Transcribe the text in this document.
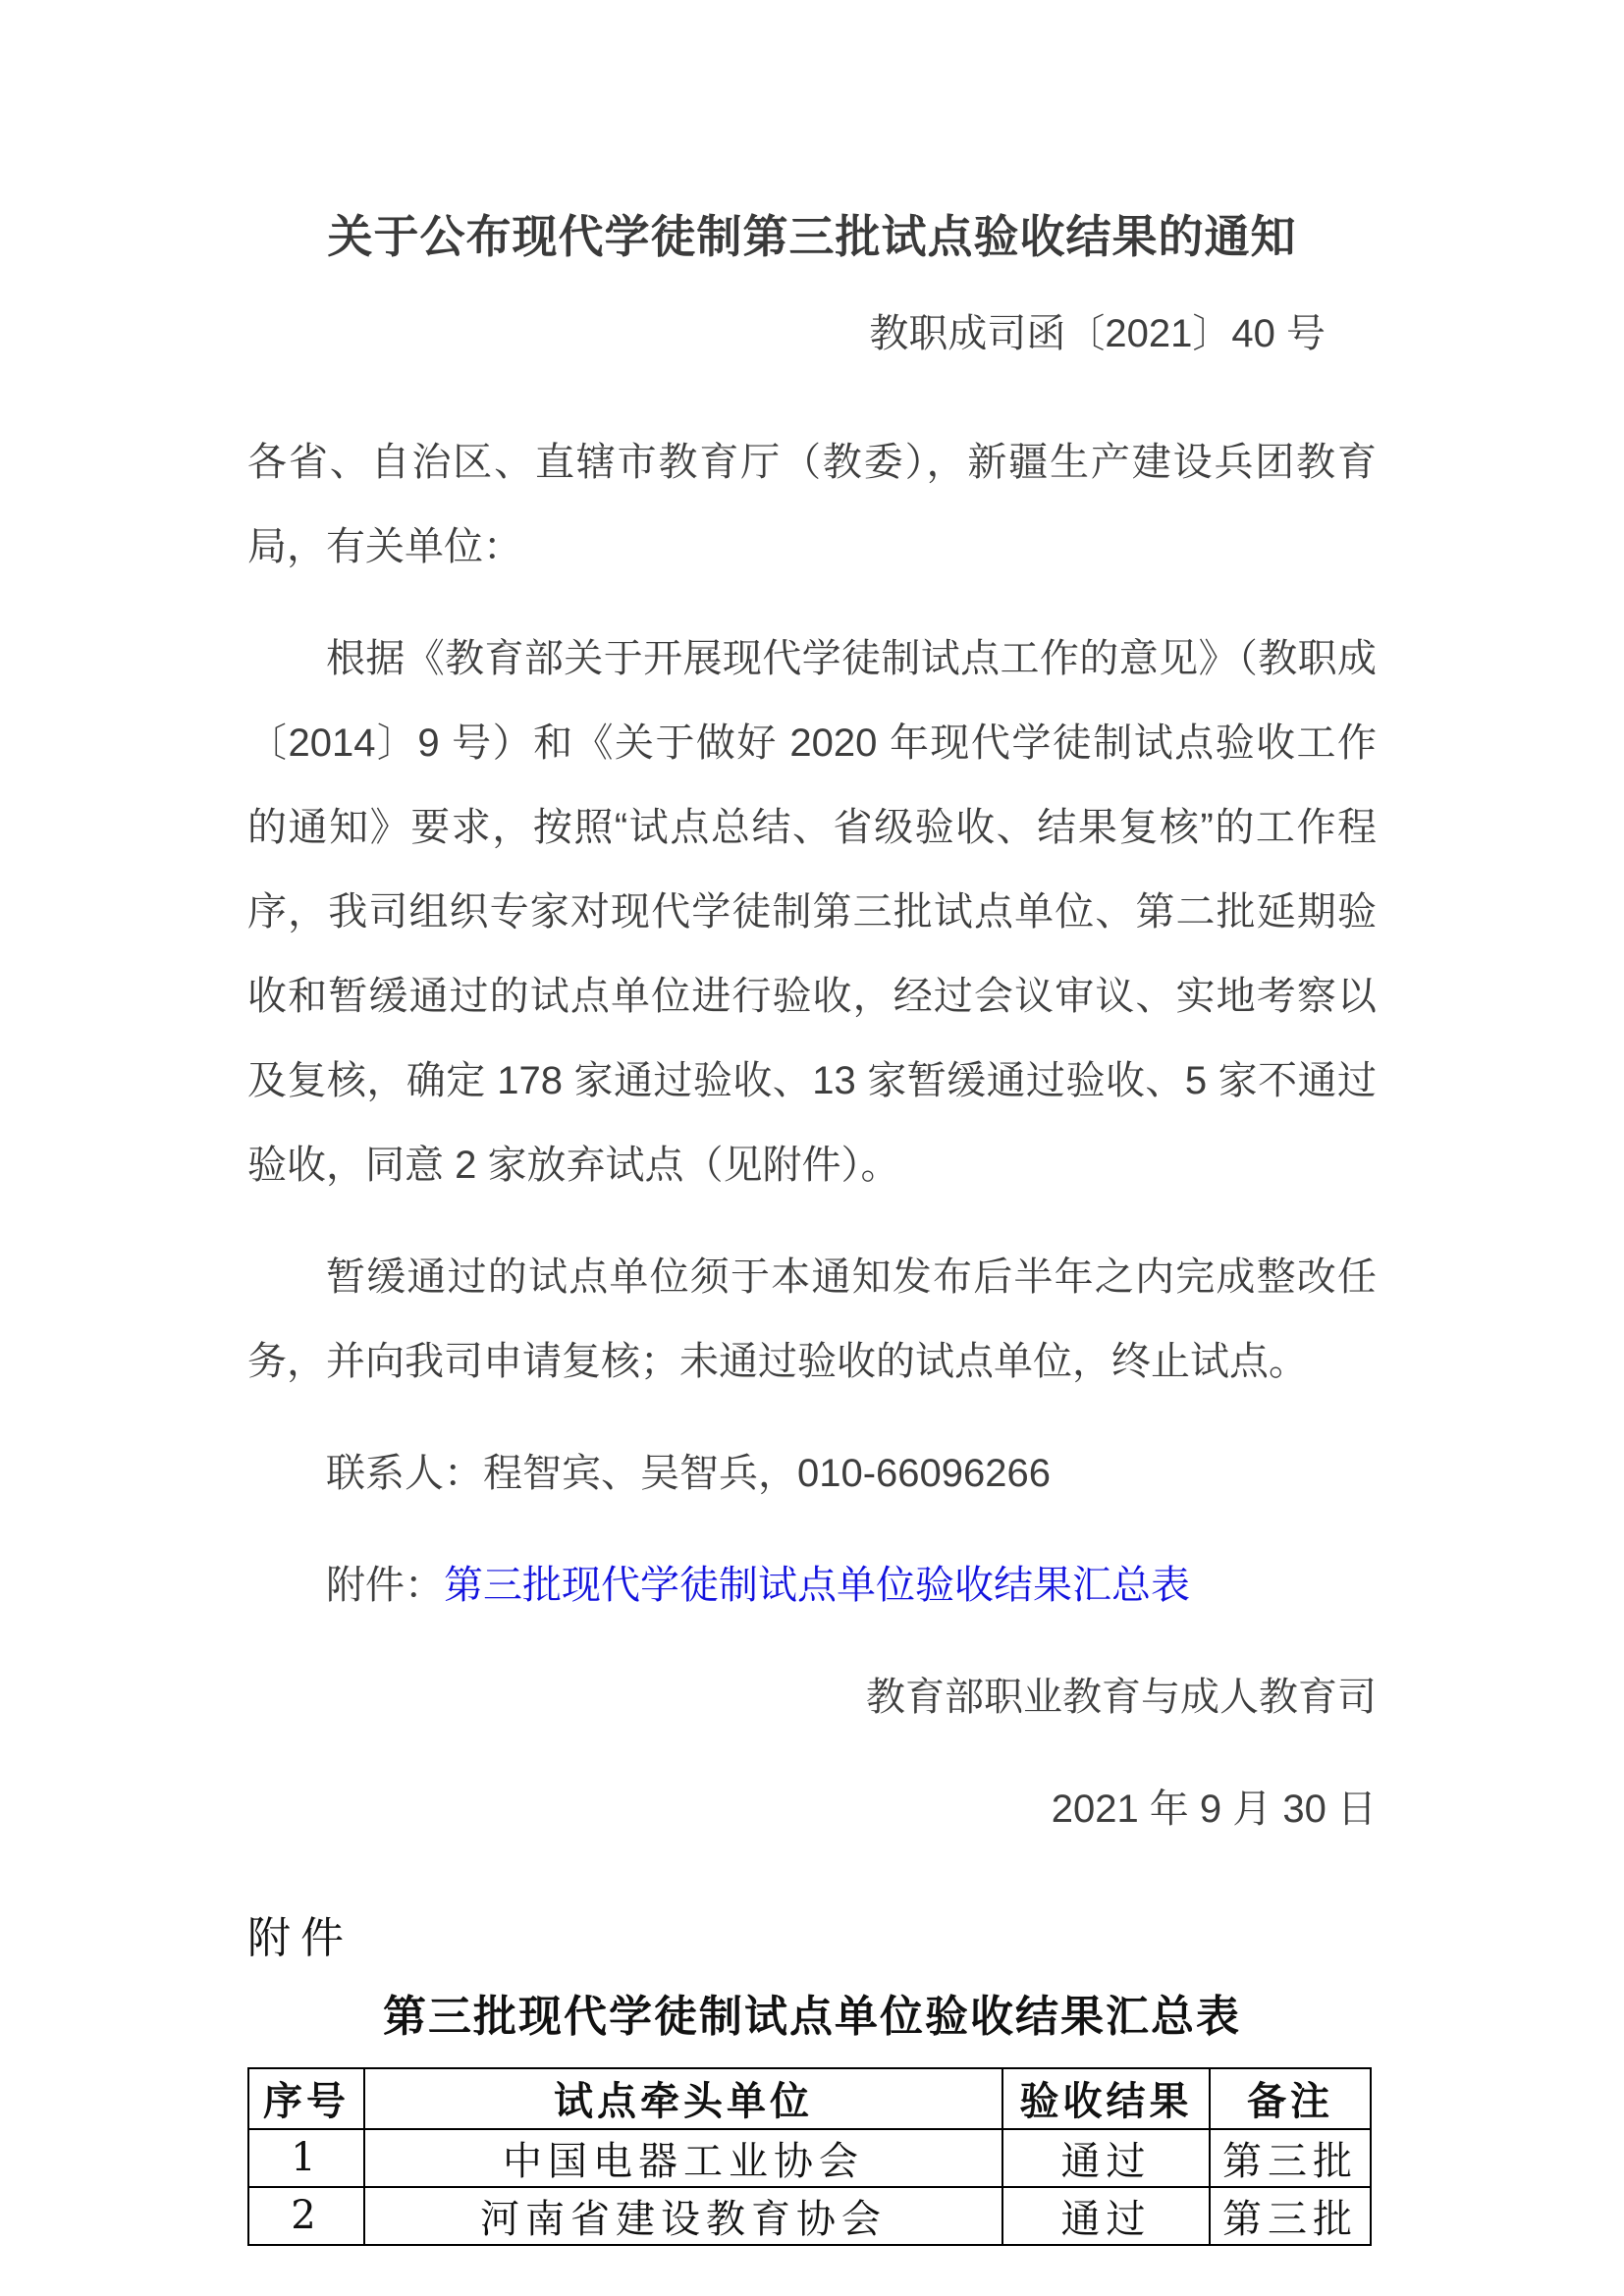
关于公布现代学徒制第三批试点验收结果的通知
教职成司函〔2021〕40 号

各省、自治区、直辖市教育厅（教委），新疆生产建设兵团教育局，有关单位：

根据《教育部关于开展现代学徒制试点工作的意见》（教职成〔2014〕9 号）和《关于做好 2020 年现代学徒制试点验收工作的通知》要求，按照“试点总结、省级验收、结果复核”的工作程序，我司组织专家对现代学徒制第三批试点单位、第二批延期验收和暂缓通过的试点单位进行验收，经过会议审议、实地考察以及复核，确定 178 家通过验收、13 家暂缓通过验收、5 家不通过验收，同意 2 家放弃试点（见附件）。

暂缓通过的试点单位须于本通知发布后半年之内完成整改任务，并向我司申请复核；未通过验收的试点单位，终止试点。

联系人：程智宾、吴智兵，010-66096266

附件：第三批现代学徒制试点单位验收结果汇总表

教育部职业教育与成人教育司
2021 年 9 月 30 日
附件
第三批现代学徒制试点单位验收结果汇总表
序号	试点牵头单位	验收结果	备注
1	中国电器工业协会	通过	第三批
2	河南省建设教育协会	通过	第三批
